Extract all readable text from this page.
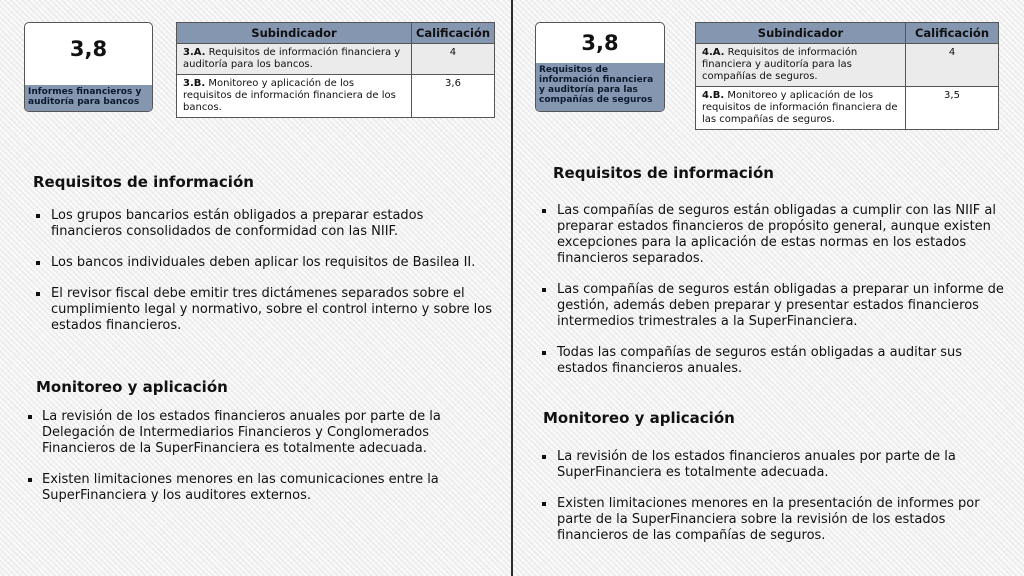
3,8
Informes financieros y auditoría para bancos
Subindicador	Calificación
3.A. Requisitos de información financiera y auditoría para los bancos.	4
3.B. Monitoreo y aplicación de los requisitos de información financiera de los bancos.	3,6
Requisitos de información
Los grupos bancarios están obligados a preparar estados financieros consolidados de conformidad con las NIIF.
Los bancos individuales deben aplicar los requisitos de Basilea II.
El revisor fiscal debe emitir tres dictámenes separados sobre el cumplimiento legal y normativo, sobre el control interno y sobre los estados financieros.
Monitoreo y aplicación
La revisión de los estados financieros anuales por parte de la Delegación de Intermediarios Financieros y Conglomerados Financieros de la SuperFinanciera es totalmente adecuada.
Existen limitaciones menores en las comunicaciones entre la SuperFinanciera y los auditores externos.
3,8
Requisitos de información financiera y auditoría para las compañías de seguros
Subindicador	Calificación
4.A. Requisitos de información financiera y auditoría para las compañías de seguros.	4
4.B. Monitoreo y aplicación de los requisitos de información financiera de las compañías de seguros.	3,5
Requisitos de información
Las compañías de seguros están obligadas a cumplir con las NIIF al preparar estados financieros de propósito general, aunque existen excepciones para la aplicación de estas normas en los estados financieros separados.
Las compañías de seguros están obligadas a preparar un informe de gestión, además deben preparar y presentar estados financieros intermedios trimestrales a la SuperFinanciera.
Todas las compañías de seguros están obligadas a auditar sus estados financieros anuales.
Monitoreo y aplicación
La revisión de los estados financieros anuales por parte de la SuperFinanciera es totalmente adecuada.
Existen limitaciones menores en la presentación de informes por parte de la SuperFinanciera sobre la revisión de los estados financieros de las compañías de seguros.
